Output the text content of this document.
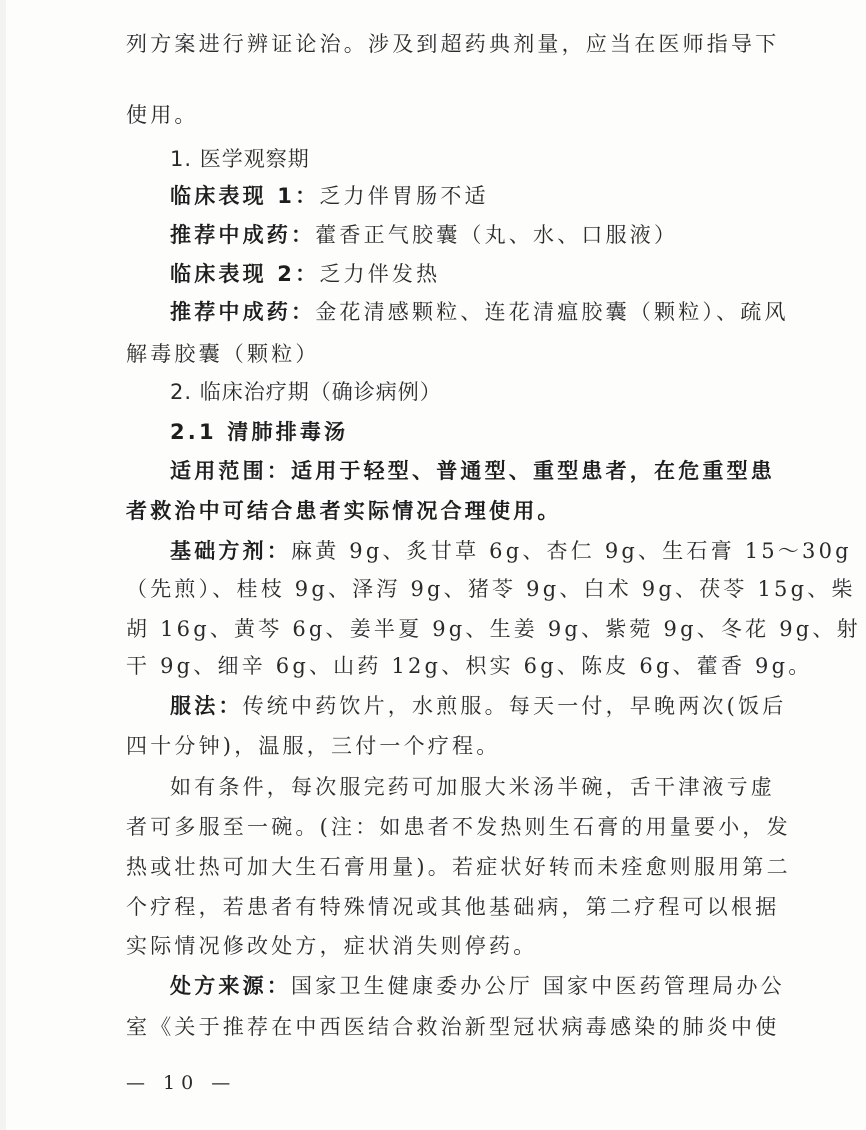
列方案进行辨证论治。涉及到超药典剂量，应当在医师指导下
使用。
1. 医学观察期
临床表现 1：乏力伴胃肠不适
推荐中成药：藿香正气胶囊（丸、水、口服液）
临床表现 2：乏力伴发热
推荐中成药：金花清感颗粒、连花清瘟胶囊（颗粒）、疏风
解毒胶囊（颗粒）
2. 临床治疗期（确诊病例）
2.1 清肺排毒汤
适用范围：适用于轻型、普通型、重型患者，在危重型患
者救治中可结合患者实际情况合理使用。
基础方剂：麻黄 9g、炙甘草 6g、杏仁 9g、生石膏 15～30g
（先煎）、桂枝 9g、泽泻 9g、猪苓 9g、白术 9g、茯苓 15g、柴
胡 16g、黄芩 6g、姜半夏 9g、生姜 9g、紫菀 9g、冬花 9g、射
干 9g、细辛 6g、山药 12g、枳实 6g、陈皮 6g、藿香 9g。
服法：传统中药饮片，水煎服。每天一付，早晚两次(饭后
四十分钟)，温服，三付一个疗程。
如有条件，每次服完药可加服大米汤半碗，舌干津液亏虚
者可多服至一碗。(注：如患者不发热则生石膏的用量要小，发
热或壮热可加大生石膏用量)。若症状好转而未痊愈则服用第二
个疗程，若患者有特殊情况或其他基础病，第二疗程可以根据
实际情况修改处方，症状消失则停药。
处方来源：国家卫生健康委办公厅 国家中医药管理局办公
室《关于推荐在中西医结合救治新型冠状病毒感染的肺炎中使
— 10 —
